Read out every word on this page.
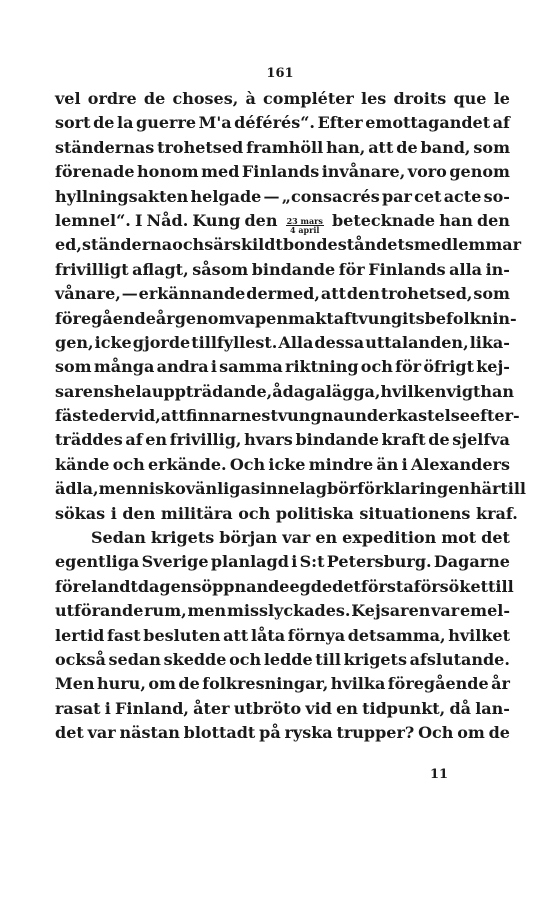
161
vel ordre de choses, à compléter les droits que le
sort de la guerre M'a déférés“. Efter emottagandet af
ständernas trohetsed framhöll han, att de band, som
förenade honom med Finlands invånare, voro genom
hyllningsakten helgade — „consacrés par cet acte so-
lemnel“. I Nåd. Kung den $\frac{\text{23 mars}}{\text{4 april}}$ betecknade han den
ed, ständerna och särskildt bondeståndets medlemmar
frivilligt aflagt, såsom bindande för Finlands alla in-
vånare, — erkännande dermed, att den trohetsed, som
föregående år genom vapenmakt aftvungits befolknin-
gen, icke gjorde tillfyllest. Alla dessa uttalanden, lika-
som många andra i samma riktning och för öfrigt kej-
sarens hela uppträdande, ådagalägga, hvilken vigt han
fäste dervid, att finnarnes tvungna underkastelse efter-
träddes af en frivillig, hvars bindande kraft de sjelfva
kände och erkände. Och icke mindre än i Alexanders
ädla, menniskovänliga sinnelag bör förklaringen härtill
sökas i den militära och politiska situationens kraf.
Sedan krigets början var en expedition mot det
egentliga Sverige planlagd i S:t Petersburg. Dagarne
före landtdagens öppnande egde det första försöket till
utförande rum, men misslyckades. Kejsaren var emel-
lertid fast besluten att låta förnya detsamma, hvilket
också sedan skedde och ledde till krigets afslutande.
Men huru, om de folkresningar, hvilka föregående år
rasat i Finland, åter utbröto vid en tidpunkt, då lan-
det var nästan blottadt på ryska trupper? Och om de
11
